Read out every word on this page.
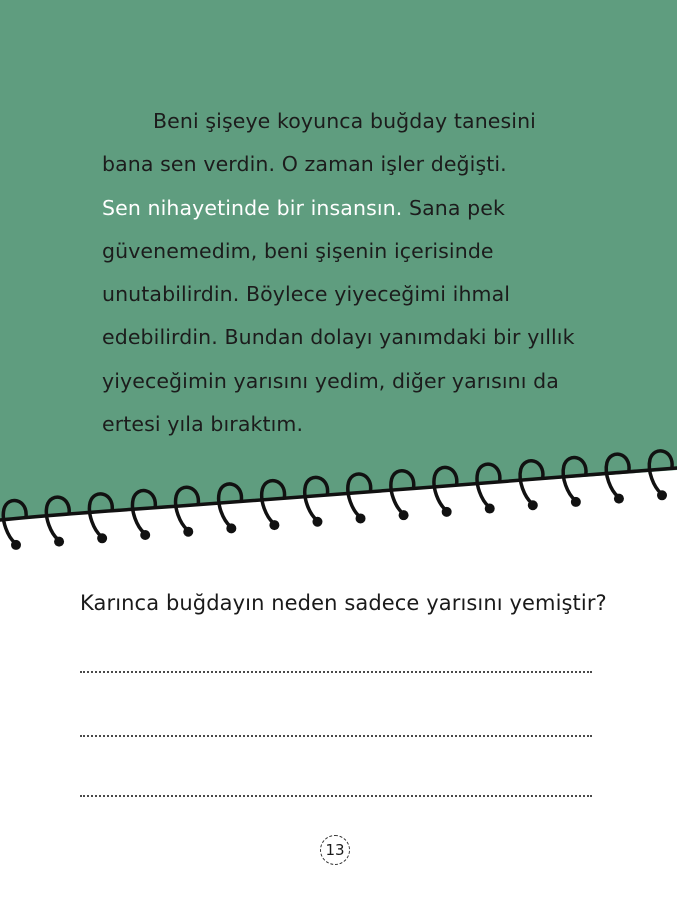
Beni şişeye koyunca buğday tanesini
bana sen verdin. O zaman işler değişti.
Sen nihayetinde bir insansın. Sana pek
güvenemedim, beni şişenin içerisinde
unutabilirdin. Böylece yiyeceğimi ihmal
edebilirdin. Bundan dolayı yanımdaki bir yıllık
yiyeceğimin yarısını yedim, diğer yarısını da
ertesi yıla bıraktım.
Karınca buğdayın neden sadece yarısını yemiştir?
13
